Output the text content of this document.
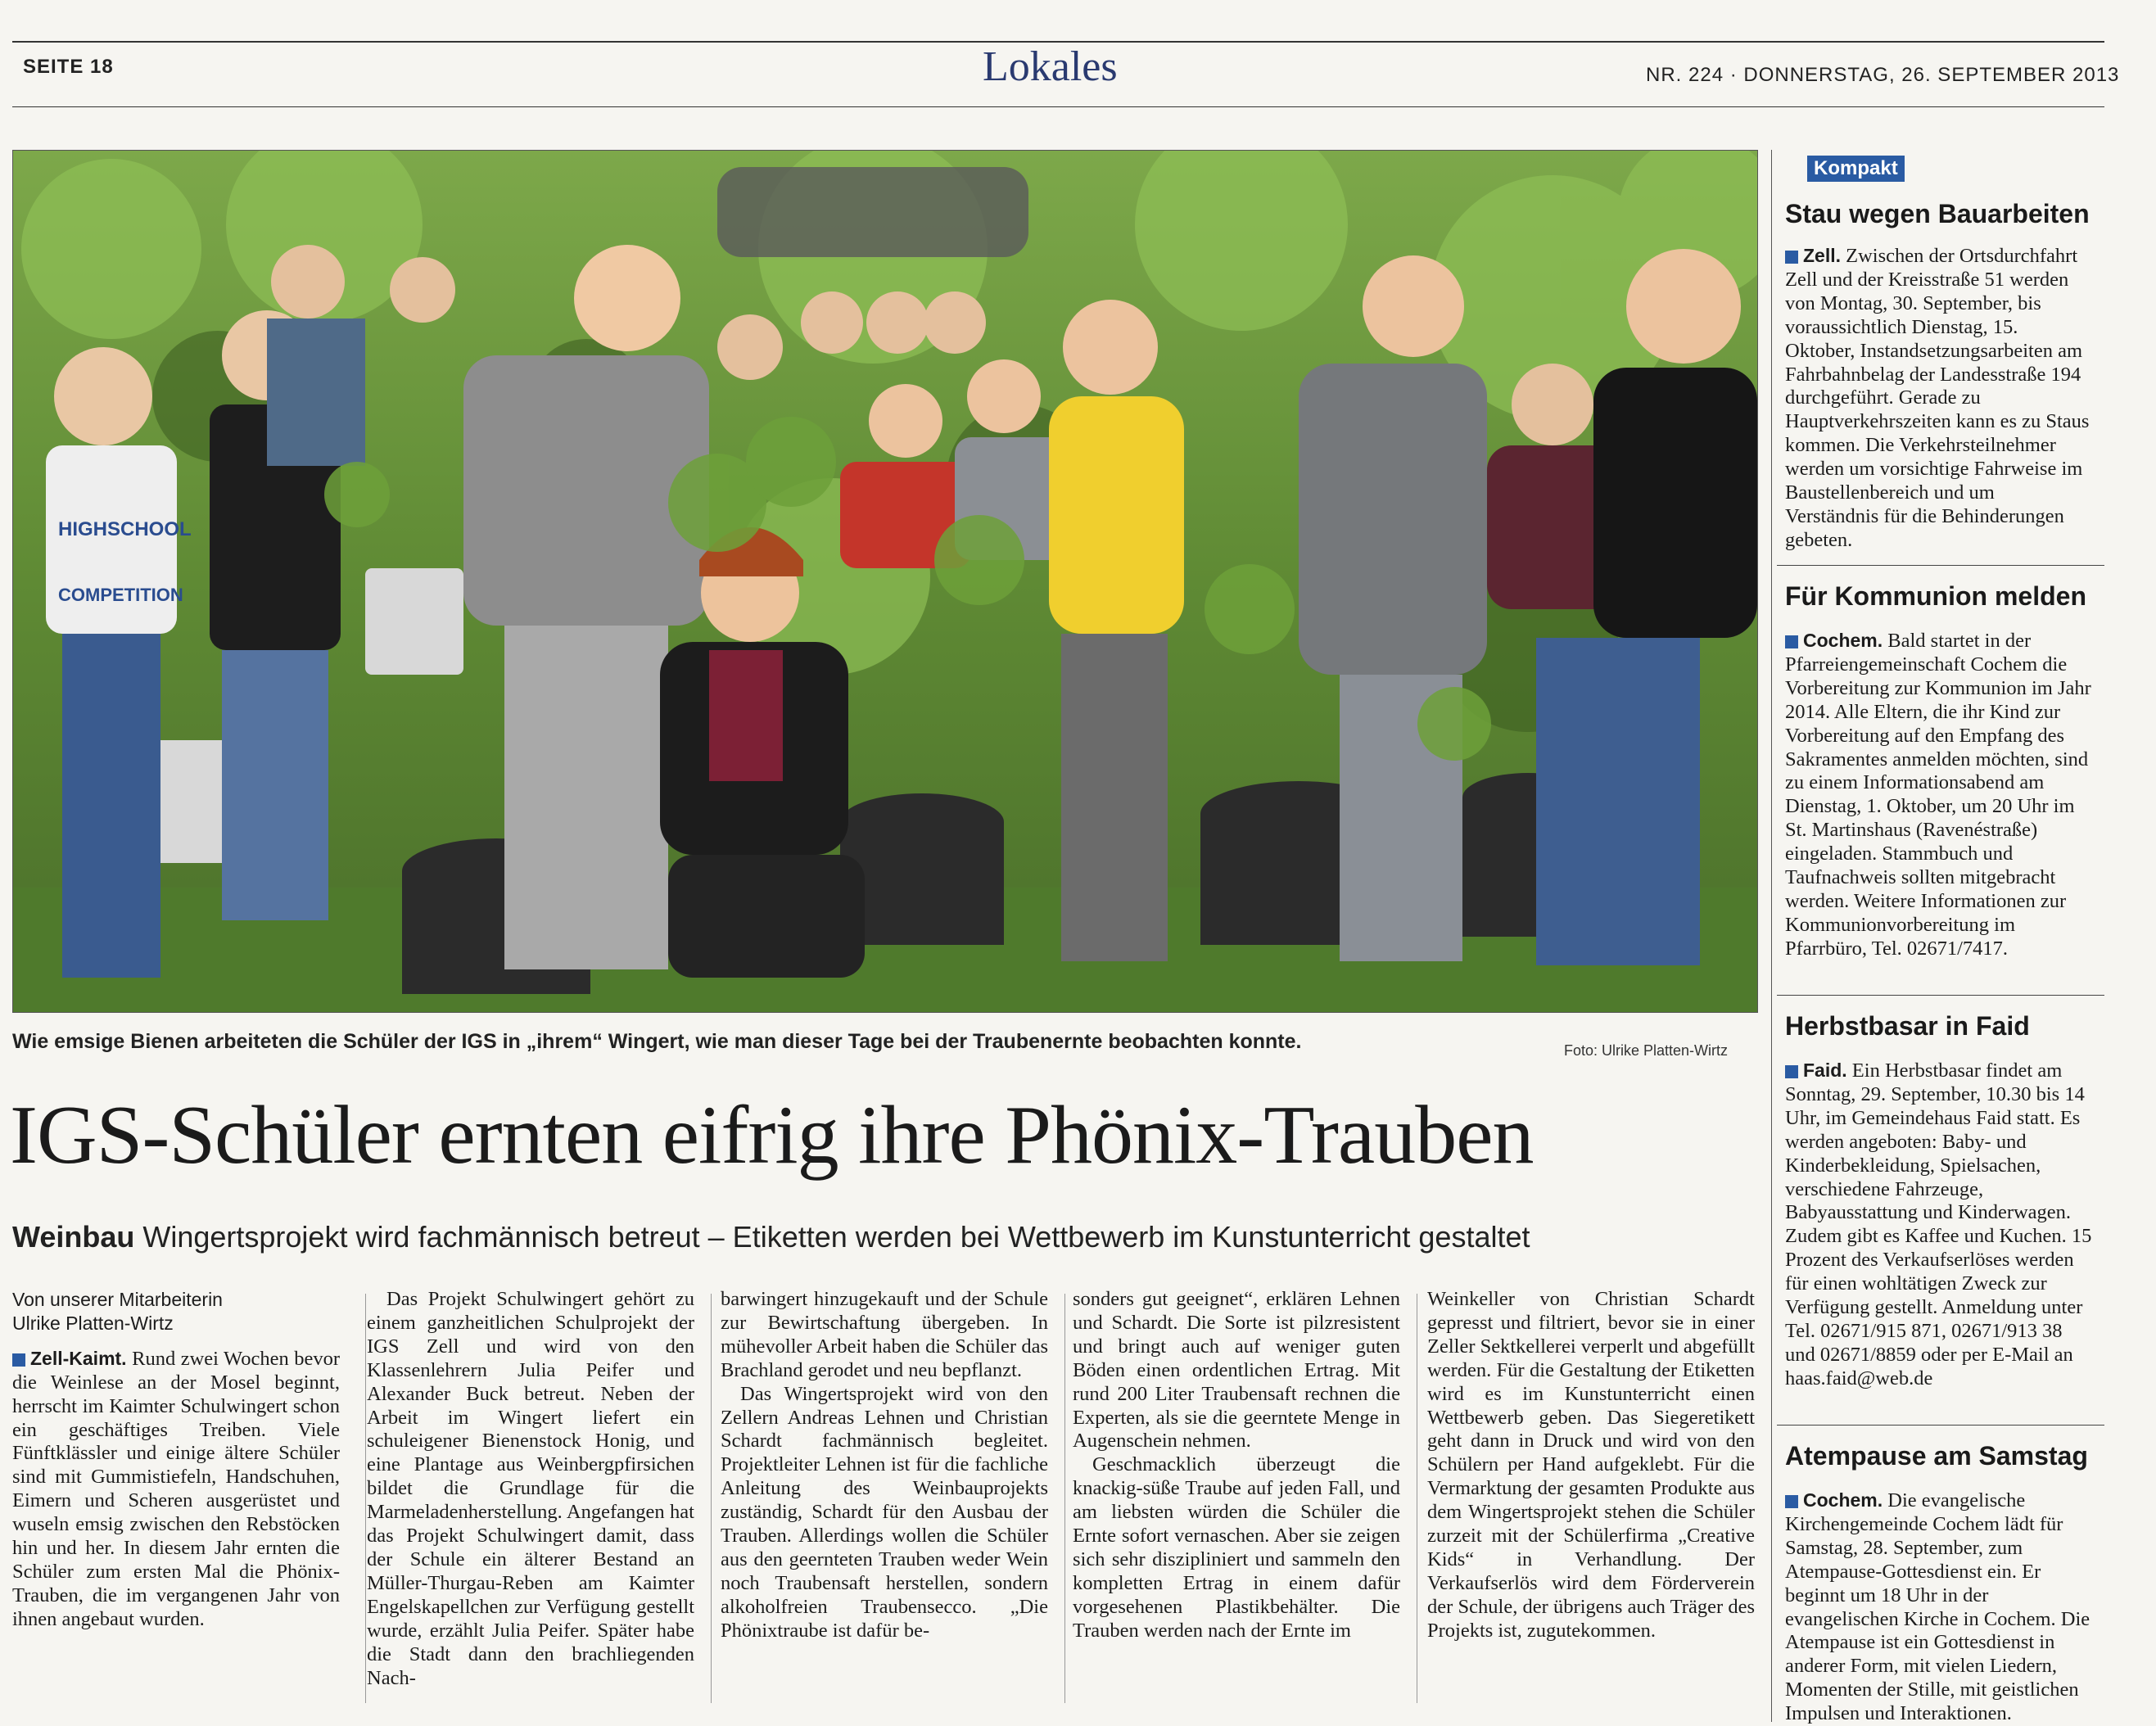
SEITE 18	Lokales	NR. 224 · DONNERSTAG, 26. SEPTEMBER 2013
HIGHSCHOOL
COMPETITION
Wie emsige Bienen arbeiteten die Schüler der IGS in „ihrem“ Wingert, wie man dieser Tage bei der Traubenernte beobachten konnte.	Foto: Ulrike Platten-Wirtz
IGS-Schüler ernten eifrig ihre Phönix-Trauben
Weinbau Wingertsprojekt wird fachmännisch betreut – Etiketten werden bei Wettbewerb im Kunstunterricht gestaltet
Von unserer Mitarbeiterin
Ulrike Platten-Wirtz

Zell-Kaimt. Rund zwei Wochen bevor die Weinlese an der Mosel beginnt, herrscht im Kaimter Schulwingert schon ein geschäftiges Treiben. Viele Fünftklässler und einige ältere Schüler sind mit Gummistiefeln, Handschuhen, Eimern und Scheren ausgerüstet und wuseln emsig zwischen den Rebstöcken hin und her. In diesem Jahr ernten die Schüler zum ersten Mal die Phönix-Trauben, die im vergangenen Jahr von ihnen angebaut wurden.

Das Projekt Schulwingert gehört zu einem ganzheitlichen Schulprojekt der IGS Zell und wird von den Klassenlehrern Julia Peifer und Alexander Buck betreut. Neben der Arbeit im Wingert liefert ein schuleigener Bienenstock Honig, und eine Plantage aus Weinbergpfirsichen bildet die Grundlage für die Marmeladenherstellung. Angefangen hat das Projekt Schulwingert damit, dass der Schule ein älterer Bestand an Müller-Thurgau-Reben am Kaimter Engelskapellchen zur Verfügung gestellt wurde, erzählt Julia Peifer. Später habe die Stadt dann den brachliegenden Nach-

barwingert hinzugekauft und der Schule zur Bewirtschaftung übergeben. In mühevoller Arbeit haben die Schüler das Brachland gerodet und neu bepflanzt.

Das Wingertsprojekt wird von den Zellern Andreas Lehnen und Christian Schardt fachmännisch begleitet. Projektleiter Lehnen ist für die fachliche Anleitung des Weinbauprojekts zuständig, Schardt für den Ausbau der Trauben. Allerdings wollen die Schüler aus den geernteten Trauben weder Wein noch Traubensaft herstellen, sondern alkoholfreien Traubensecco. „Die Phönixtraube ist dafür be-

sonders gut geeignet“, erklären Lehnen und Schardt. Die Sorte ist pilzresistent und bringt auch auf weniger guten Böden einen ordentlichen Ertrag. Mit rund 200 Liter Traubensaft rechnen die Experten, als sie die geerntete Menge in Augenschein nehmen.

Geschmacklich überzeugt die knackig-süße Traube auf jeden Fall, und am liebsten würden die Schüler die Ernte sofort vernaschen. Aber sie zeigen sich sehr diszipliniert und sammeln den kompletten Ertrag in einem dafür vorgesehenen Plastikbehälter. Die Trauben werden nach der Ernte im

Weinkeller von Christian Schardt gepresst und filtriert, bevor sie in einer Zeller Sektkellerei verperlt und abgefüllt werden. Für die Gestaltung der Etiketten wird es im Kunstunterricht einen Wettbewerb geben. Das Siegeretikett geht dann in Druck und wird von den Schülern per Hand aufgeklebt. Für die Vermarktung der gesamten Produkte aus dem Wingertsprojekt stehen die Schüler zurzeit mit der Schülerfirma „Creative Kids“ in Verhandlung. Der Verkaufserlös wird dem Förderverein der Schule, der übrigens auch Träger des Projekts ist, zugutekommen.

Kompakt
Stau wegen Bauarbeiten
Zell. Zwischen der Ortsdurchfahrt Zell und der Kreisstraße 51 werden von Montag, 30. September, bis voraussichtlich Dienstag, 15. Oktober, Instandsetzungsarbeiten am Fahrbahnbelag der Landesstraße 194 durchgeführt. Gerade zu Hauptverkehrszeiten kann es zu Staus kommen. Die Verkehrsteilnehmer werden um vorsichtige Fahrweise im Baustellenbereich und um Verständnis für die Behinderungen gebeten.
Für Kommunion melden
Cochem. Bald startet in der Pfarreiengemeinschaft Cochem die Vorbereitung zur Kommunion im Jahr 2014. Alle Eltern, die ihr Kind zur Vorbereitung auf den Empfang des Sakramentes anmelden möchten, sind zu einem Informationsabend am Dienstag, 1. Oktober, um 20 Uhr im St. Martinshaus (Ravenéstraße) eingeladen. Stammbuch und Taufnachweis sollten mitgebracht werden. Weitere Informationen zur Kommunionvorbereitung im Pfarrbüro, Tel. 02671/7417.
Herbstbasar in Faid
Faid. Ein Herbstbasar findet am Sonntag, 29. September, 10.30 bis 14 Uhr, im Gemeindehaus Faid statt. Es werden angeboten: Baby- und Kinderbekleidung, Spielsachen, verschiedene Fahrzeuge, Babyausstattung und Kinderwagen. Zudem gibt es Kaffee und Kuchen. 15 Prozent des Verkaufserlöses werden für einen wohltätigen Zweck zur Verfügung gestellt. Anmeldung unter Tel. 02671/915 871, 02671/913 38 und 02671/8859 oder per E-Mail an haas.faid@web.de
Atempause am Samstag
Cochem. Die evangelische Kirchengemeinde Cochem lädt für Samstag, 28. September, zum Atempause-Gottesdienst ein. Er beginnt um 18 Uhr in der evangelischen Kirche in Cochem. Die Atempause ist ein Gottesdienst in anderer Form, mit vielen Liedern, Momenten der Stille, mit geistlichen Impulsen und Interaktionen.
